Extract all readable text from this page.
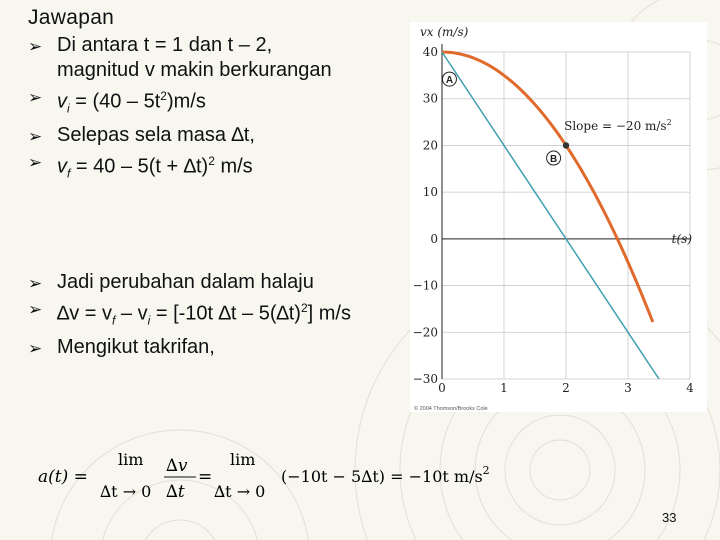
Jawapan
➢ Di antara t = 1 dan t – 2, magnitud v makin berkurangan
➢ $v_i = (40 - 5t^2)m/s$
➢ Selepas sela masa ∆t,
➢ $v_f = 40 - 5(t + \Delta t)^2$ m/s
➢ Jadi perubahan dalam halaju
➢ $\Delta v = v_f - v_i = [-10t$ $\Delta t - 5(\Delta t)^2$] m/s
➢ Mengikut takrifan,
0	1	2	3	4
40
30
20
10
0
−10
−20
−30
A
B
Slope = −20 $m/s^2$
vx (m/s)
t(s)
© 2004 Thomson/Brooks Cole
a(t) =
lim ∆v
∆t
∆t → 0
=
lim
∆t → 0
(−10t − 5∆t) = −10t $m/s^2$
33
